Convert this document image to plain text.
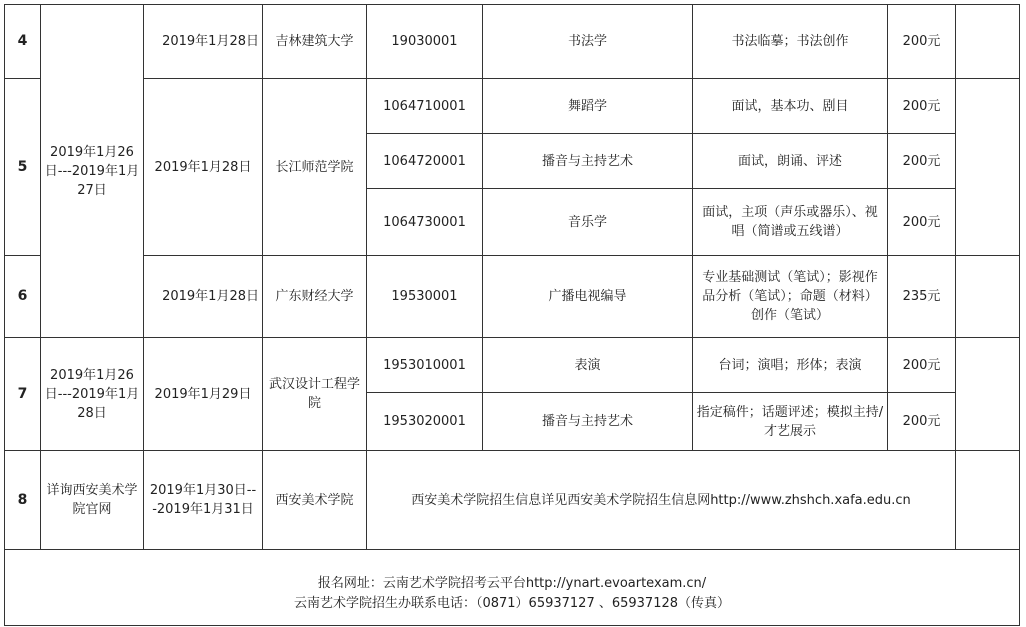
4	2019年1月26日---2019年1月27日	2019年1月28日	吉林建筑大学	19030001	书法学	书法临摹；书法创作	200元	
5		2019年1月28日	长江师范学院	1064710001	舞蹈学	面试，基本功、剧目	200元	
				1064720001	播音与主持艺术	面试，朗诵、评述	200元	
				1064730001	音乐学	面试，主项（声乐或器乐）、视唱（简谱或五线谱）	200元	
6		2019年1月28日	广东财经大学	19530001	广播电视编导	专业基础测试（笔试）；影视作品分析（笔试）；命题（材料）创作（笔试）	235元	
7	2019年1月26日---2019年1月28日	2019年1月29日	武汉设计工程学院	1953010001	表演	台词；演唱；形体；表演	200元	
				1953020001	播音与主持艺术	指定稿件；话题评述；模拟主持/才艺展示	200元	
8	详询西安美术学院官网	2019年1月30日---2019年1月31日	西安美术学院	西安美术学院招生信息详见西安美术学院招生信息网http://www.zhshch.xafa.edu.cn				

报名网址：云南艺术学院招考云平台http://ynart.evoartexam.cn/
云南艺术学院招生办联系电话：（0871）65937127 、65937128（传真）								
